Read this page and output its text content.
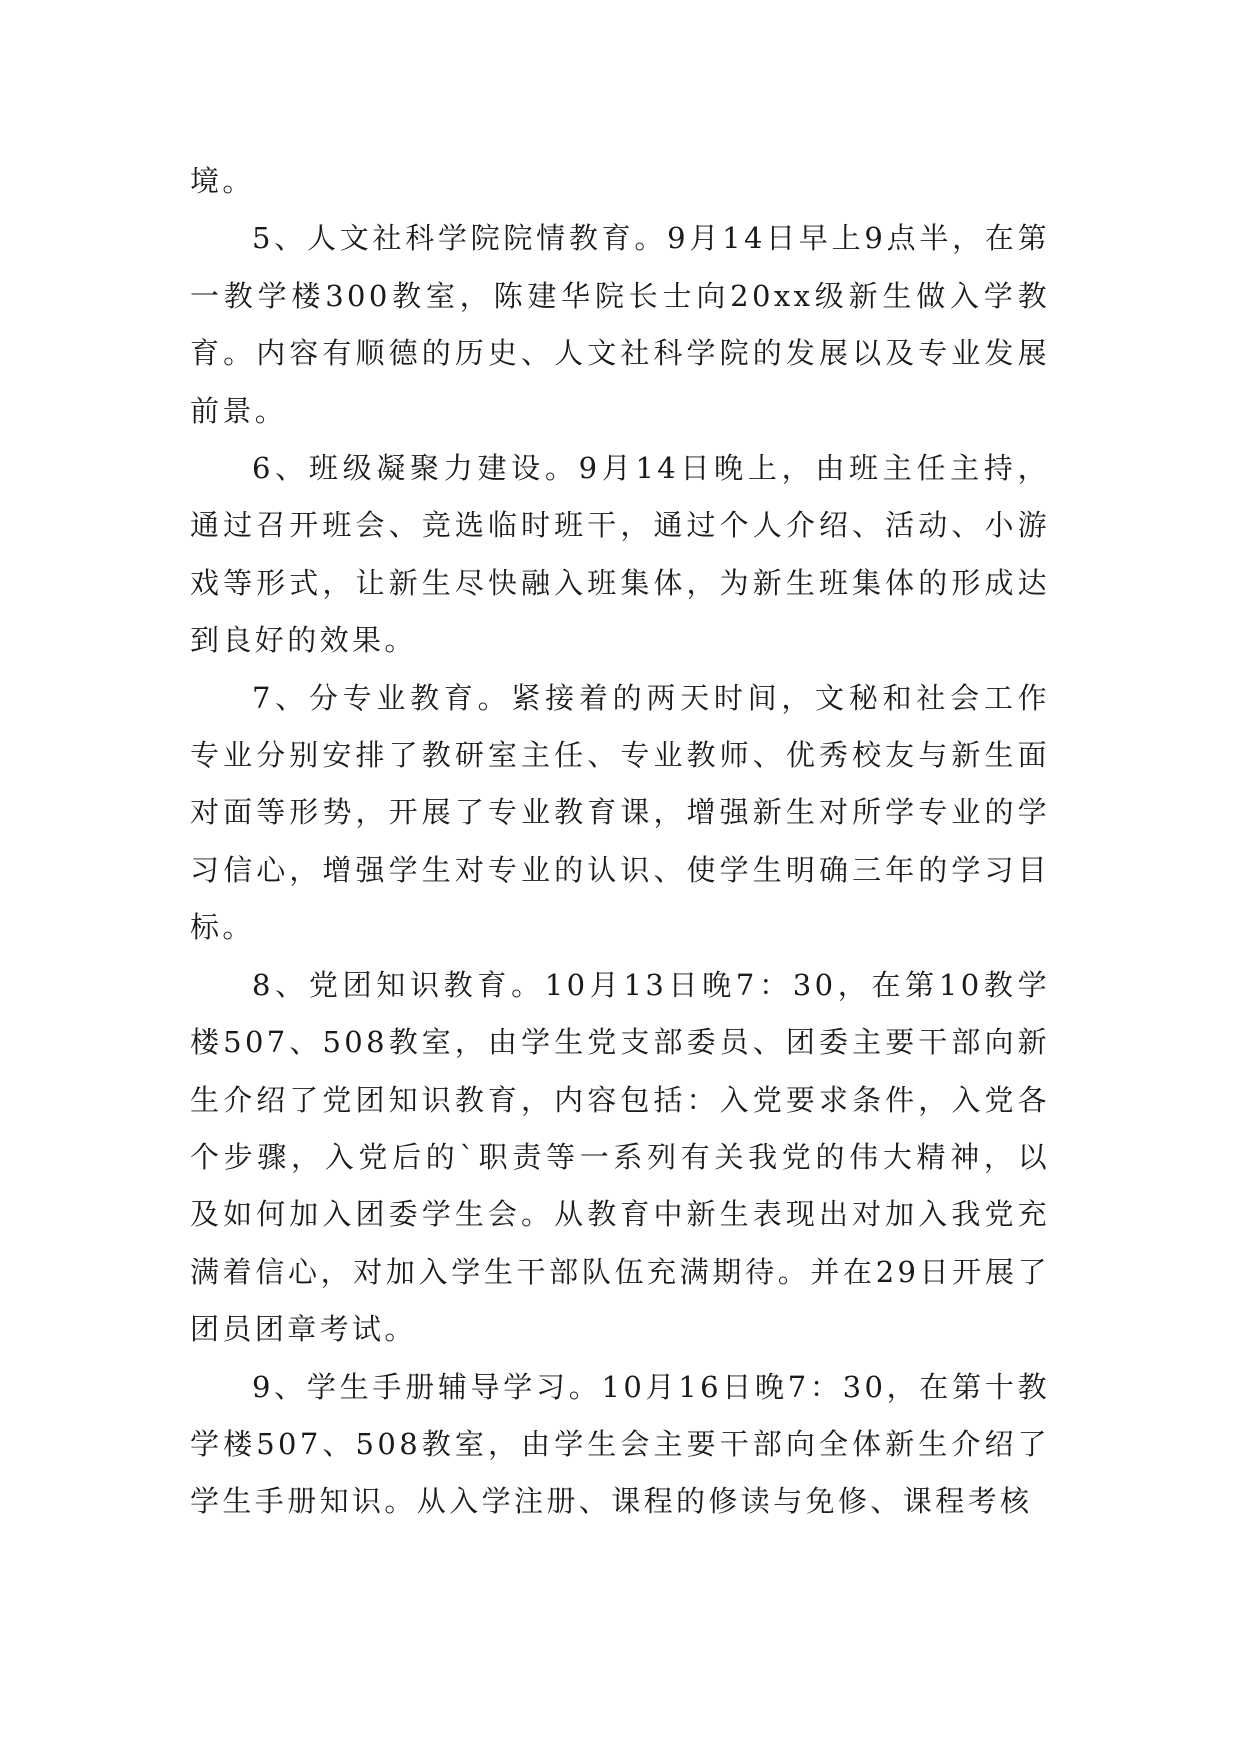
境。

5、人文社科学院院情教育。9月14日早上9点半，在第一教学楼300教室，陈建华院长士向20xx级新生做入学教育。内容有顺德的历史、人文社科学院的发展以及专业发展前景。

6、班级凝聚力建设。9月14日晚上，由班主任主持，通过召开班会、竞选临时班干，通过个人介绍、活动、小游戏等形式，让新生尽快融入班集体，为新生班集体的形成达到良好的效果。

7、分专业教育。紧接着的两天时间，文秘和社会工作专业分别安排了教研室主任、专业教师、优秀校友与新生面对面等形势，开展了专业教育课，增强新生对所学专业的学习信心，增强学生对专业的认识、使学生明确三年的学习目标。

8、党团知识教育。10月13日晚7：30，在第10教学楼507、508教室，由学生党支部委员、团委主要干部向新生介绍了党团知识教育，内容包括：入党要求条件，入党各个步骤，入党后的`职责等一系列有关我党的伟大精神，以及如何加入团委学生会。从教育中新生表现出对加入我党充满着信心，对加入学生干部队伍充满期待。并在29日开展了团员团章考试。

9、学生手册辅导学习。10月16日晚7：30，在第十教学楼507、508教室，由学生会主要干部向全体新生介绍了学生手册知识。从入学注册、课程的修读与免修、课程考核
